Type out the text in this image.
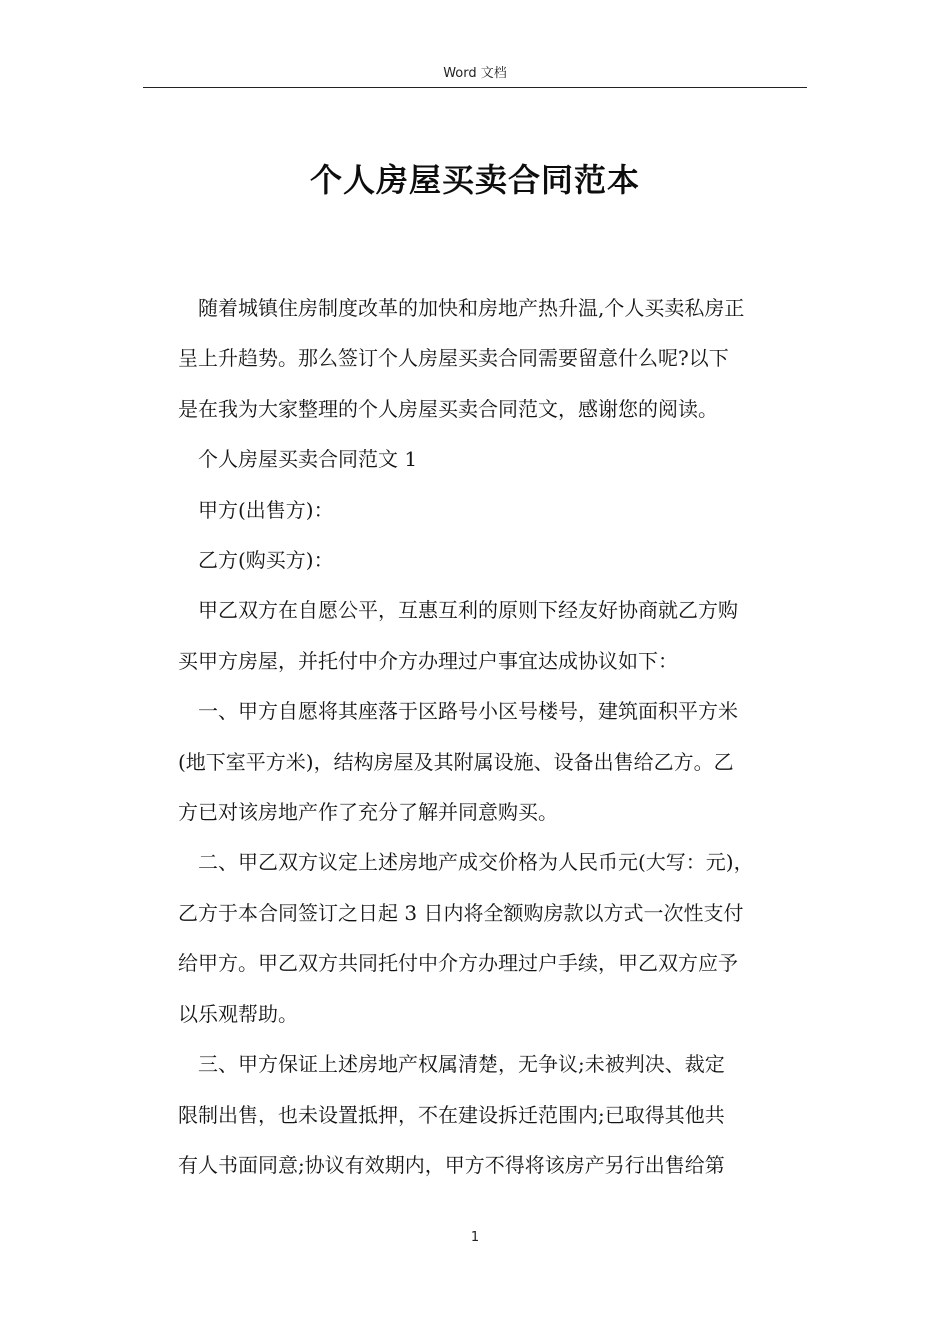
Word 文档
个人房屋买卖合同范本

随着城镇住房制度改革的加快和房地产热升温,个人买卖私房正
呈上升趋势。那么签订个人房屋买卖合同需要留意什么呢?以下
是在我为大家整理的个人房屋买卖合同范文，感谢您的阅读。

个人房屋买卖合同范文 1

甲方(出售方)：

乙方(购买方)：

甲乙双方在自愿公平，互惠互利的原则下经友好协商就乙方购
买甲方房屋，并托付中介方办理过户事宜达成协议如下：

一、甲方自愿将其座落于区路号小区号楼号，建筑面积平方米
(地下室平方米)，结构房屋及其附属设施、设备出售给乙方。乙
方已对该房地产作了充分了解并同意购买。

二、甲乙双方议定上述房地产成交价格为人民币元(大写：元)，
乙方于本合同签订之日起 3 日内将全额购房款以方式一次性支付
给甲方。甲乙双方共同托付中介方办理过户手续，甲乙双方应予
以乐观帮助。

三、甲方保证上述房地产权属清楚，无争议;未被判决、裁定
限制出售，也未设置抵押，不在建设拆迁范围内;已取得其他共
有人书面同意;协议有效期内，甲方不得将该房产另行出售给第

1
